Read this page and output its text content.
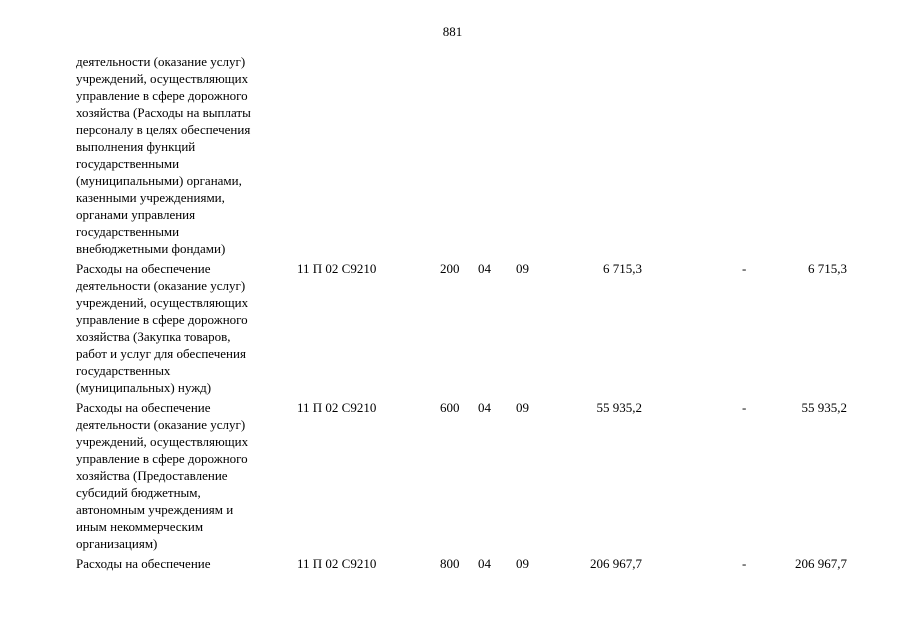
881
деятельности (оказание услуг)
учреждений, осуществляющих
управление в сфере дорожного
хозяйства (Расходы на выплаты
персоналу в целях обеспечения
выполнения функций
государственными
(муниципальными) органами,
казенными учреждениями,
органами управления
государственными
внебюджетными фондами)
Расходы на обеспечение
деятельности (оказание услуг)
учреждений, осуществляющих
управление в сфере дорожного
хозяйства (Закупка товаров,
работ и услуг для обеспечения
государственных
(муниципальных) нужд)
11 П 02 С9210	200 04 09	6 715,3	-	6 715,3
Расходы на обеспечение
деятельности (оказание услуг)
учреждений, осуществляющих
управление в сфере дорожного
хозяйства (Предоставление
субсидий бюджетным,
автономным учреждениям и
иным некоммерческим
организациям)
11 П 02 С9210	600 04 09	55 935,2	-	55 935,2
Расходы на обеспечение	11 П 02 С9210	800 04 09	206 967,7	-	206 967,7
